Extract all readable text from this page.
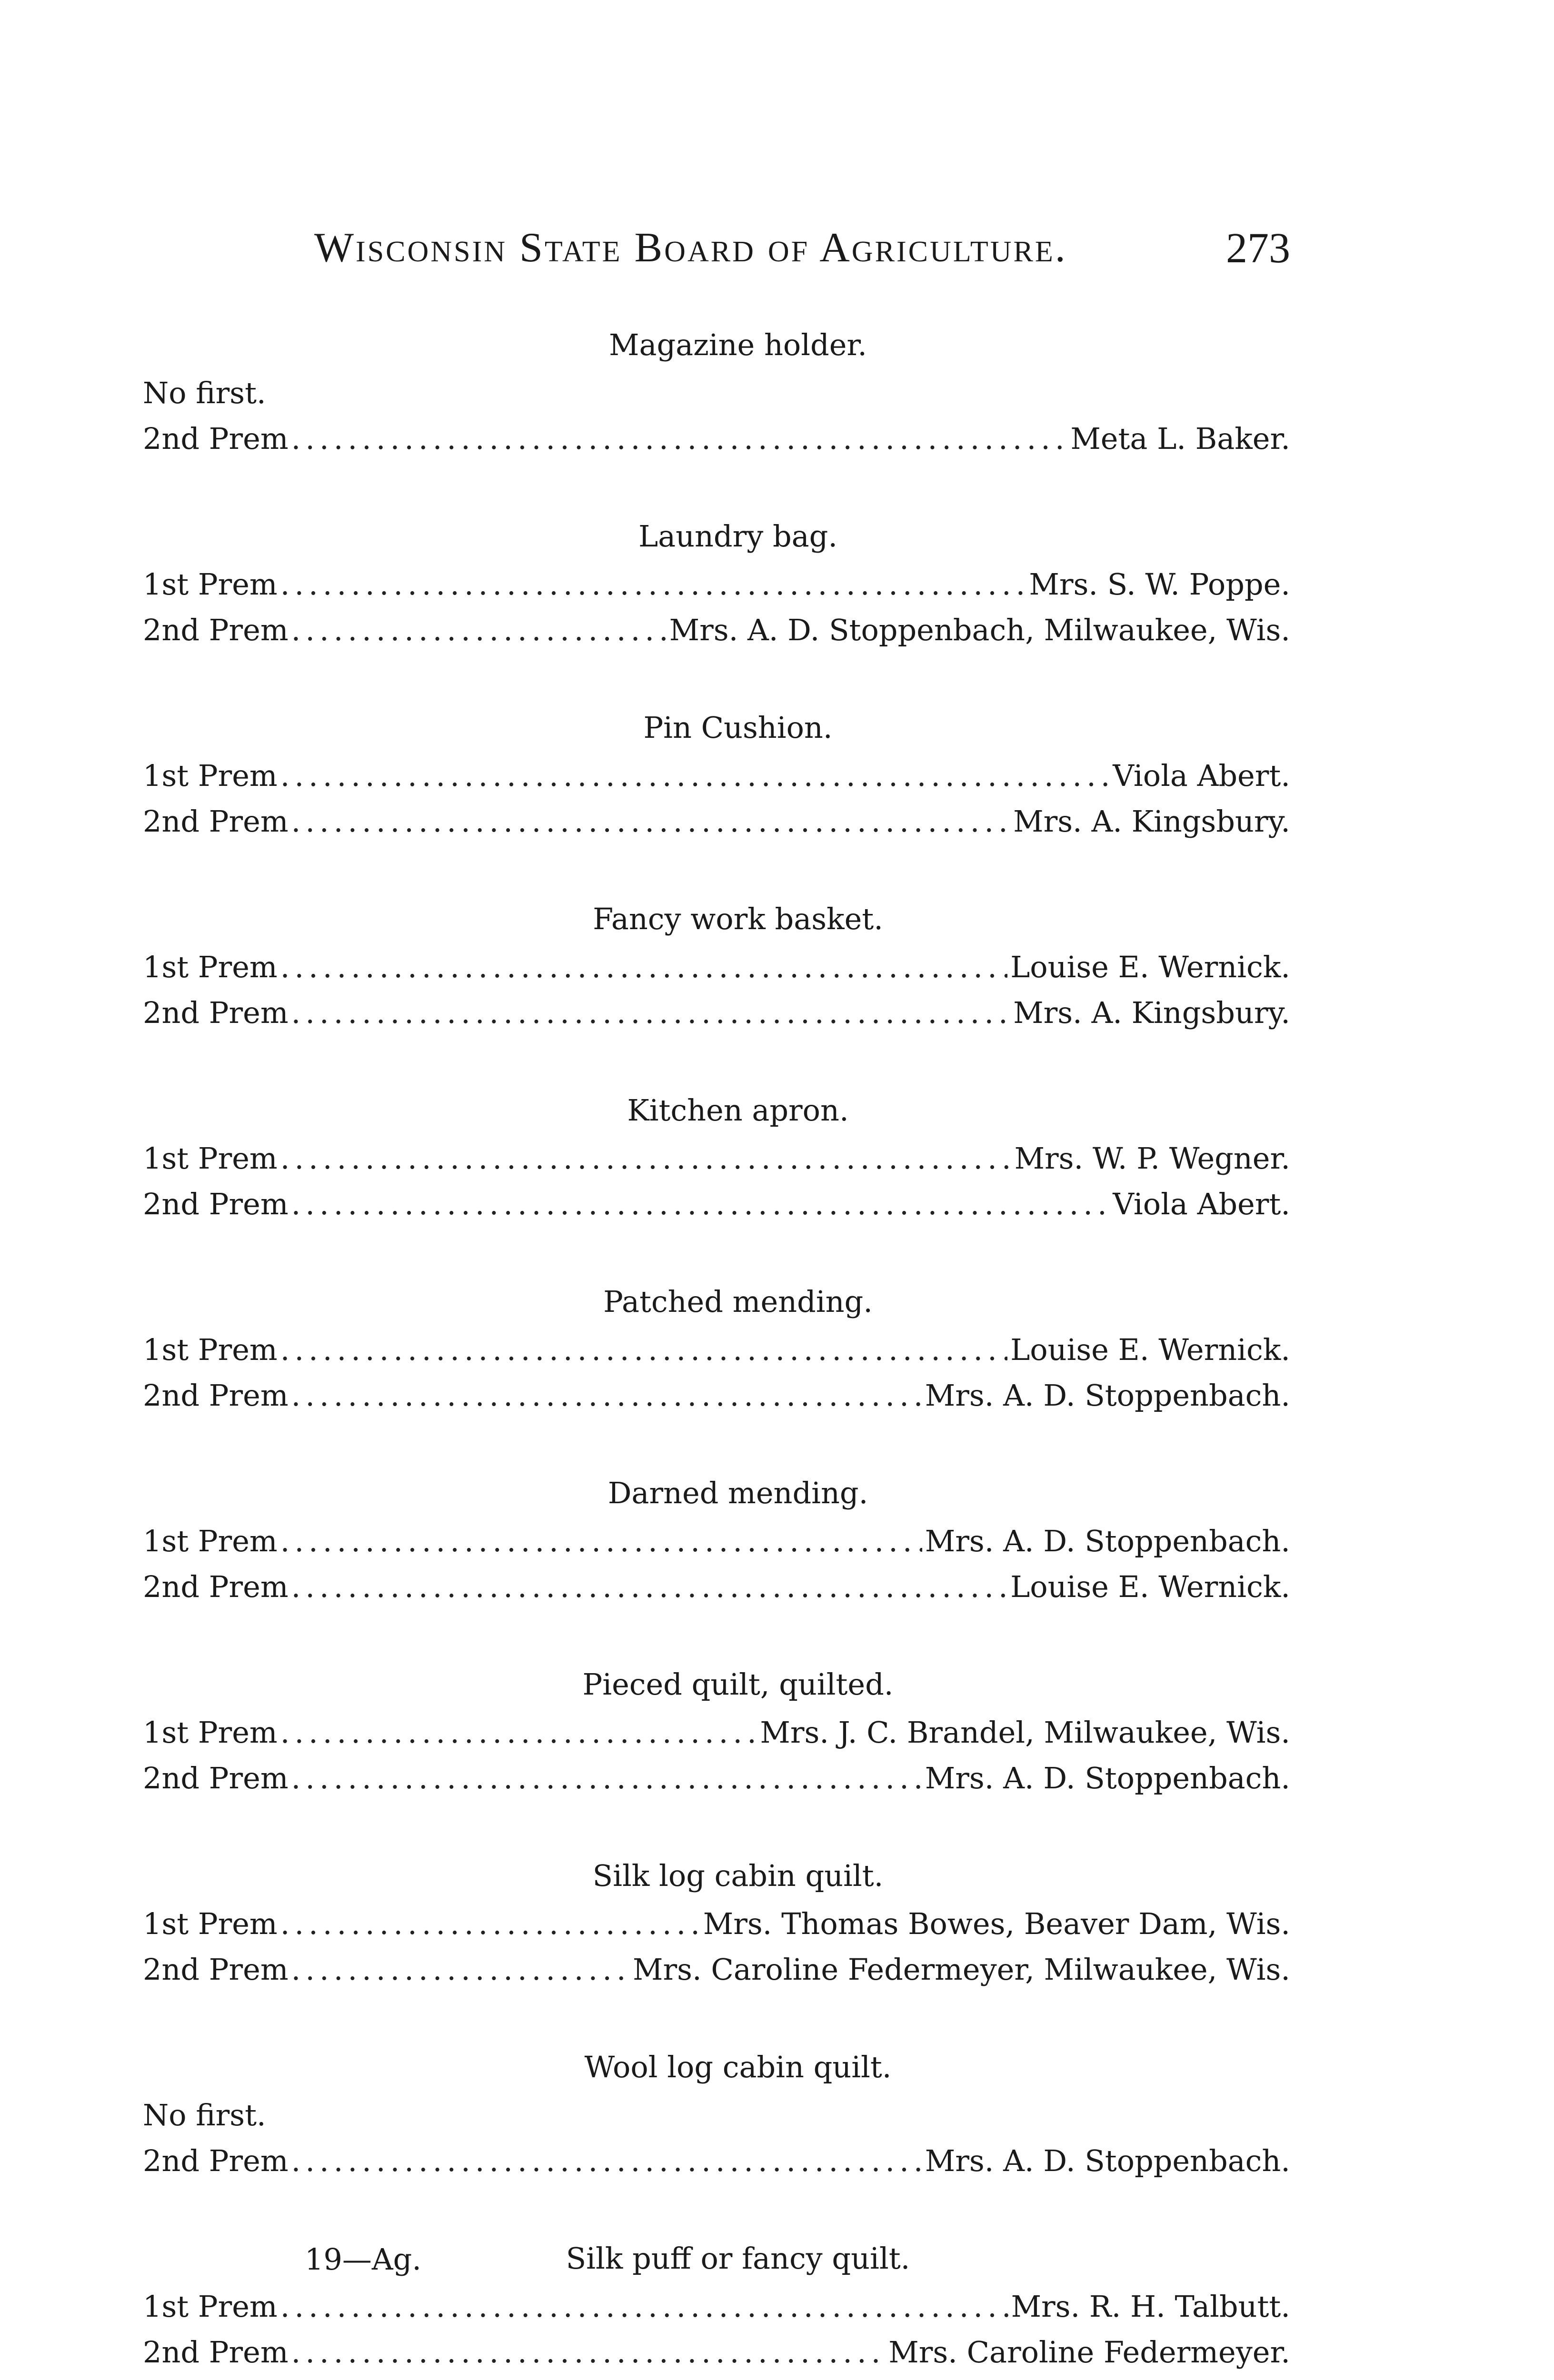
Wisconsin State Board of Agriculture.	273
Magazine holder.
No first.
2nd Prem .....	Meta L. Baker.
Laundry bag.
1st Prem .....	Mrs. S. W. Poppe.
2nd Prem .....	Mrs. A. D. Stoppenbach, Milwaukee, Wis.
Pin Cushion.
1st Prem .....	Viola Abert.
2nd Prem .....	Mrs. A. Kingsbury.
Fancy work basket.
1st Prem .....	Louise E. Wernick.
2nd Prem .....	Mrs. A. Kingsbury.
Kitchen apron.
1st Prem .....	Mrs. W. P. Wegner.
2nd Prem .....	Viola Abert.
Patched mending.
1st Prem .....	Louise E. Wernick.
2nd Prem .....	Mrs. A. D. Stoppenbach.
Darned mending.
1st Prem .....	Mrs. A. D. Stoppenbach.
2nd Prem .....	Louise E. Wernick.
Pieced quilt, quilted.
1st Prem .....	Mrs. J. C. Brandel, Milwaukee, Wis.
2nd Prem .....	Mrs. A. D. Stoppenbach.
Silk log cabin quilt.
1st Prem .....	Mrs. Thomas Bowes, Beaver Dam, Wis.
2nd Prem .....	Mrs. Caroline Federmeyer, Milwaukee, Wis.
Wool log cabin quilt.
No first.
2nd Prem .....	Mrs. A. D. Stoppenbach.
Silk puff or fancy quilt.
1st Prem .....	Mrs. R. H. Talbutt.
2nd Prem .....	Mrs. Caroline Federmeyer.
19—Ag.
